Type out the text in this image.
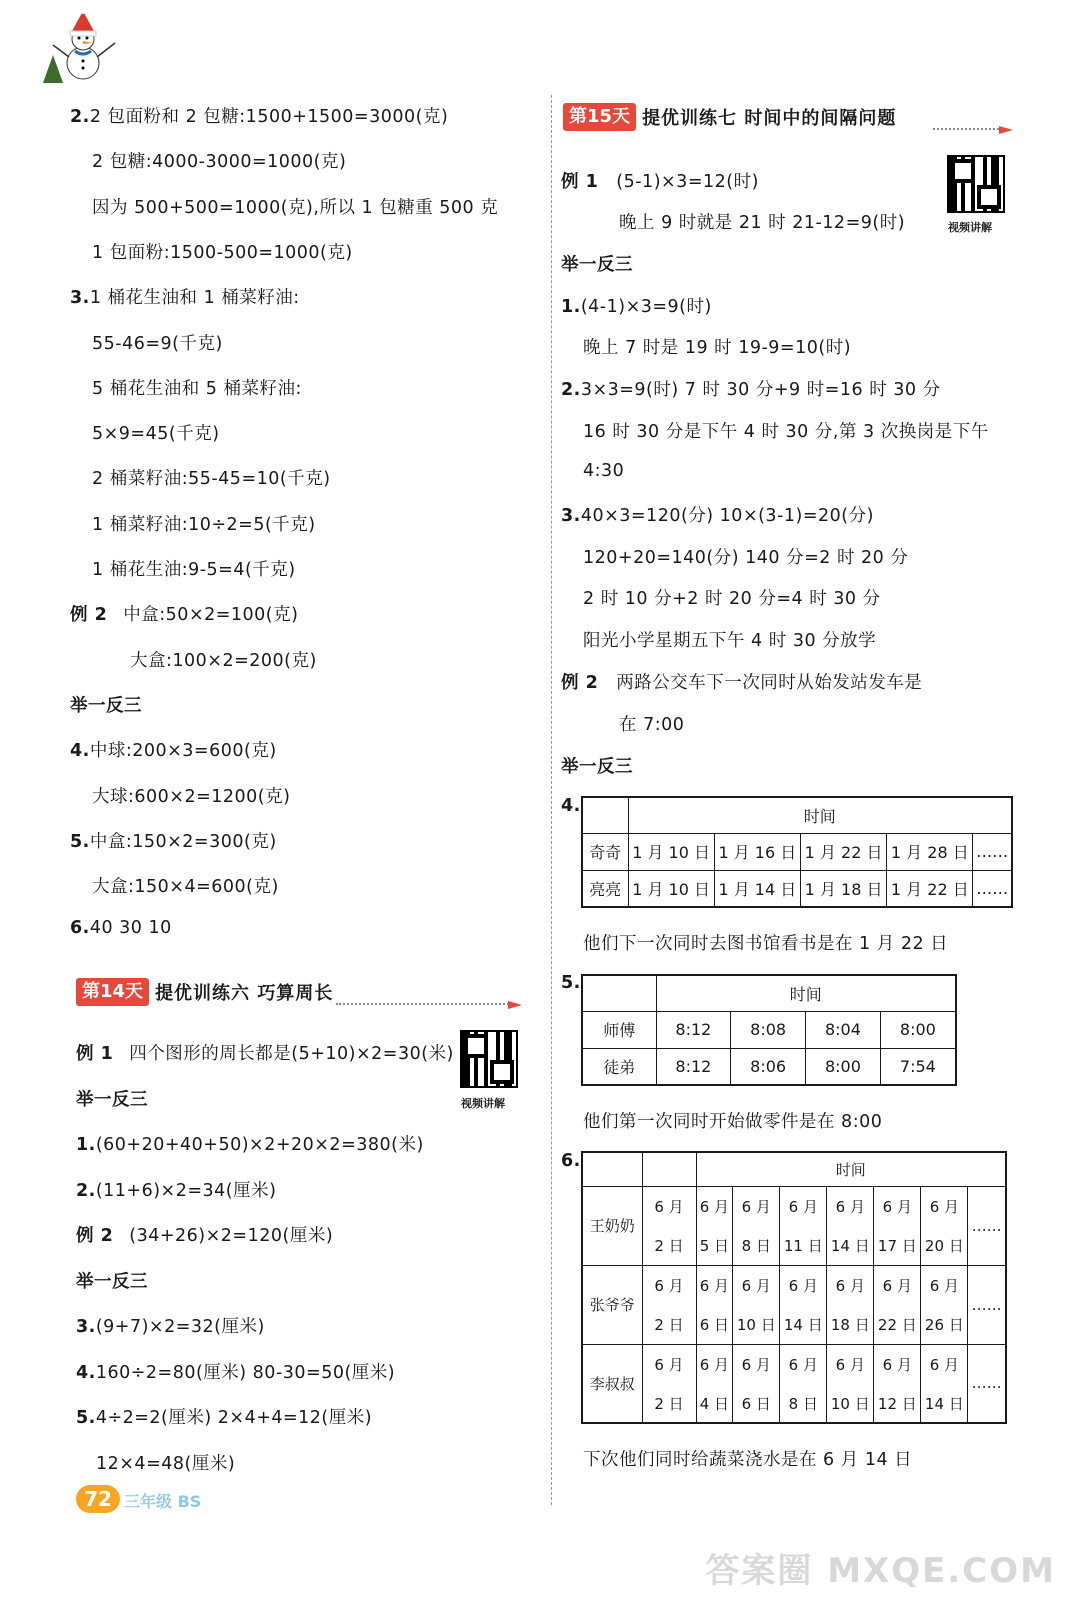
2.2 包面粉和 2 包糖:1500+1500=3000(克)
2 包糖:4000-3000=1000(克)
因为 500+500=1000(克),所以 1 包糖重 500 克
1 包面粉:1500-500=1000(克)
3.1 桶花生油和 1 桶菜籽油:
55-46=9(千克)
5 桶花生油和 5 桶菜籽油:
5×9=45(千克)
2 桶菜籽油:55-45=10(千克)
1 桶菜籽油:10÷2=5(千克)
1 桶花生油:9-5=4(千克)
例 2 中盒:50×2=100(克)
大盒:100×2=200(克)
举一反三
4.中球:200×3=600(克)
大球:600×2=1200(克)
5.中盒:150×2=300(克)
大盒:150×4=600(克)
6.40 30 10
第14天 提优训练六 巧算周长
例 1 四个图形的周长都是(5+10)×2=30(米)
举一反三
1.(60+20+40+50)×2+20×2=380(米)
2.(11+6)×2=34(厘米)
例 2 (34+26)×2=120(厘米)
举一反三
3.(9+7)×2=32(厘米)
4.160÷2=80(厘米) 80-30=50(厘米)
5.4÷2=2(厘米) 2×4+4=12(厘米)
12×4=48(厘米)
视频讲解
第15天 提优训练七 时间中的间隔问题
视频讲解
例 1 (5-1)×3=12(时)
晚上 9 时就是 21 时 21-12=9(时)
举一反三
1.(4-1)×3=9(时)
晚上 7 时是 19 时 19-9=10(时)
2.3×3=9(时) 7 时 30 分+9 时=16 时 30 分
16 时 30 分是下午 4 时 30 分,第 3 次换岗是下午
4:30
3.40×3=120(分) 10×(3-1)=20(分)
120+20=140(分) 140 分=2 时 20 分
2 时 10 分+2 时 20 分=4 时 30 分
阳光小学星期五下午 4 时 30 分放学
例 2 两路公交车下一次同时从始发站发车是
在 7:00
举一反三
4.
	时间				
奇奇	1 月 10 日	1 月 16 日	1 月 22 日	1 月 28 日	……
亮亮	1 月 10 日	1 月 14 日	1 月 18 日	1 月 22 日	……
他们下一次同时去图书馆看书是在 1 月 22 日
5.
	时间			
师傅	8:12	8:08	8:04	8:00
徒弟	8:12	8:06	8:00	7:54
他们第一次同时开始做零件是在 8:00
6.
			时间						
王奶奶	6 月	6 月	6 月	6 月	6 月	6 月	6 月	……
	2 日	5 日	8 日	11 日	14 日	17 日	20 日	
张爷爷	6 月	6 月	6 月	6 月	6 月	6 月	6 月	……
	2 日	6 日	10 日	14 日	18 日	22 日	26 日	
李叔叔	6 月	6 月	6 月	6 月	6 月	6 月	6 月	……
	2 日	4 日	6 日	8 日	10 日	12 日	14 日	
下次他们同时给蔬菜浇水是在 6 月 14 日
72 三年级 BS
答案圈 MXQE.COM
